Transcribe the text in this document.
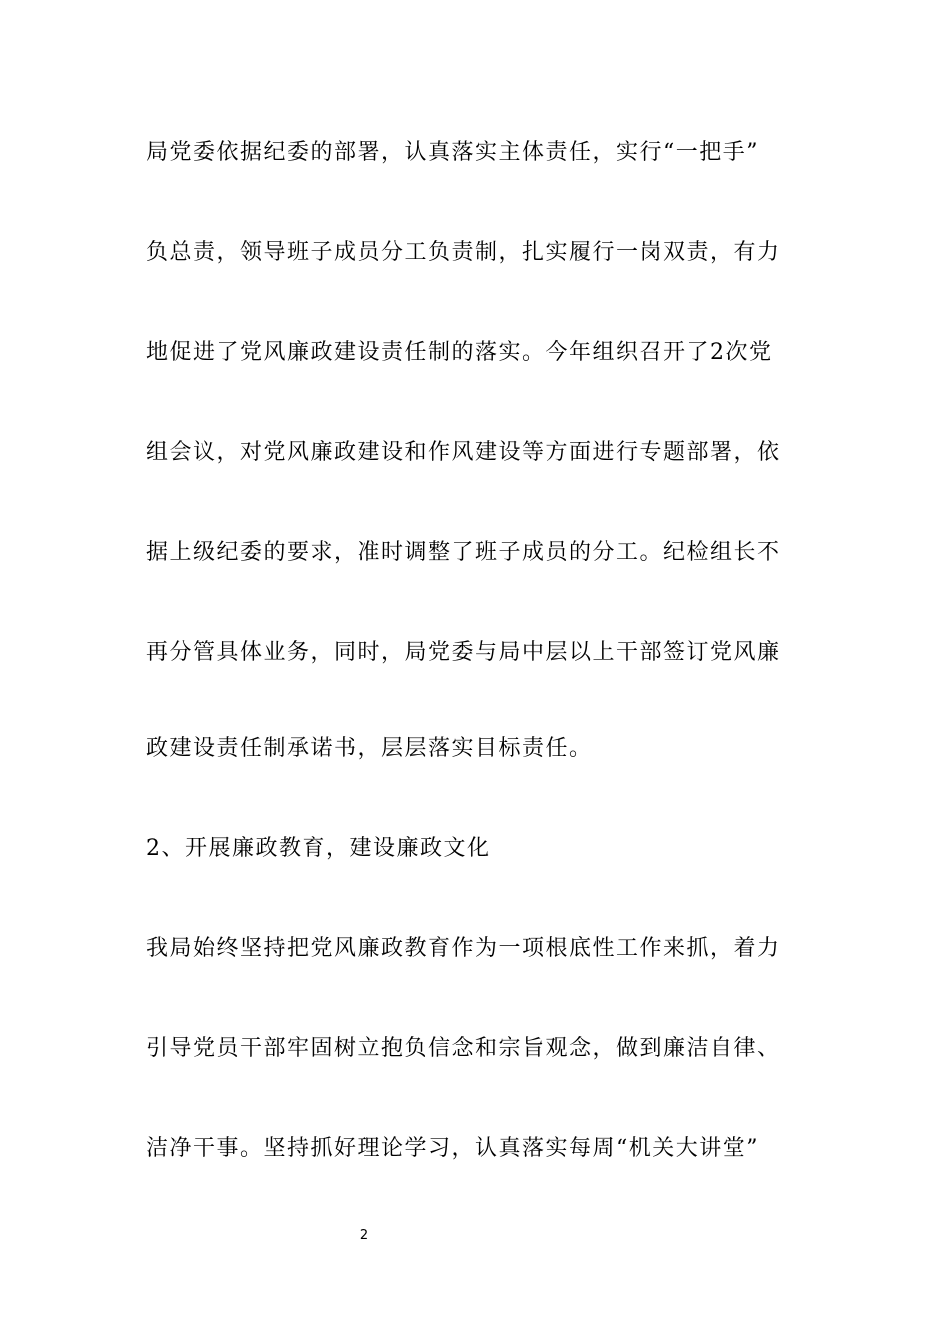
局党委依据纪委的部署，认真落实主体责任，实行“一把手”
负总责，领导班子成员分工负责制，扎实履行一岗双责，有力
地促进了党风廉政建设责任制的落实。今年组织召开了2次党
组会议，对党风廉政建设和作风建设等方面进行专题部署，依
据上级纪委的要求，准时调整了班子成员的分工。纪检组长不
再分管具体业务，同时，局党委与局中层以上干部签订党风廉
政建设责任制承诺书，层层落实目标责任。
2、开展廉政教育，建设廉政文化
我局始终坚持把党风廉政教育作为一项根底性工作来抓，着力
引导党员干部牢固树立抱负信念和宗旨观念，做到廉洁自律、
洁净干事。坚持抓好理论学习，认真落实每周“机关大讲堂”
2
